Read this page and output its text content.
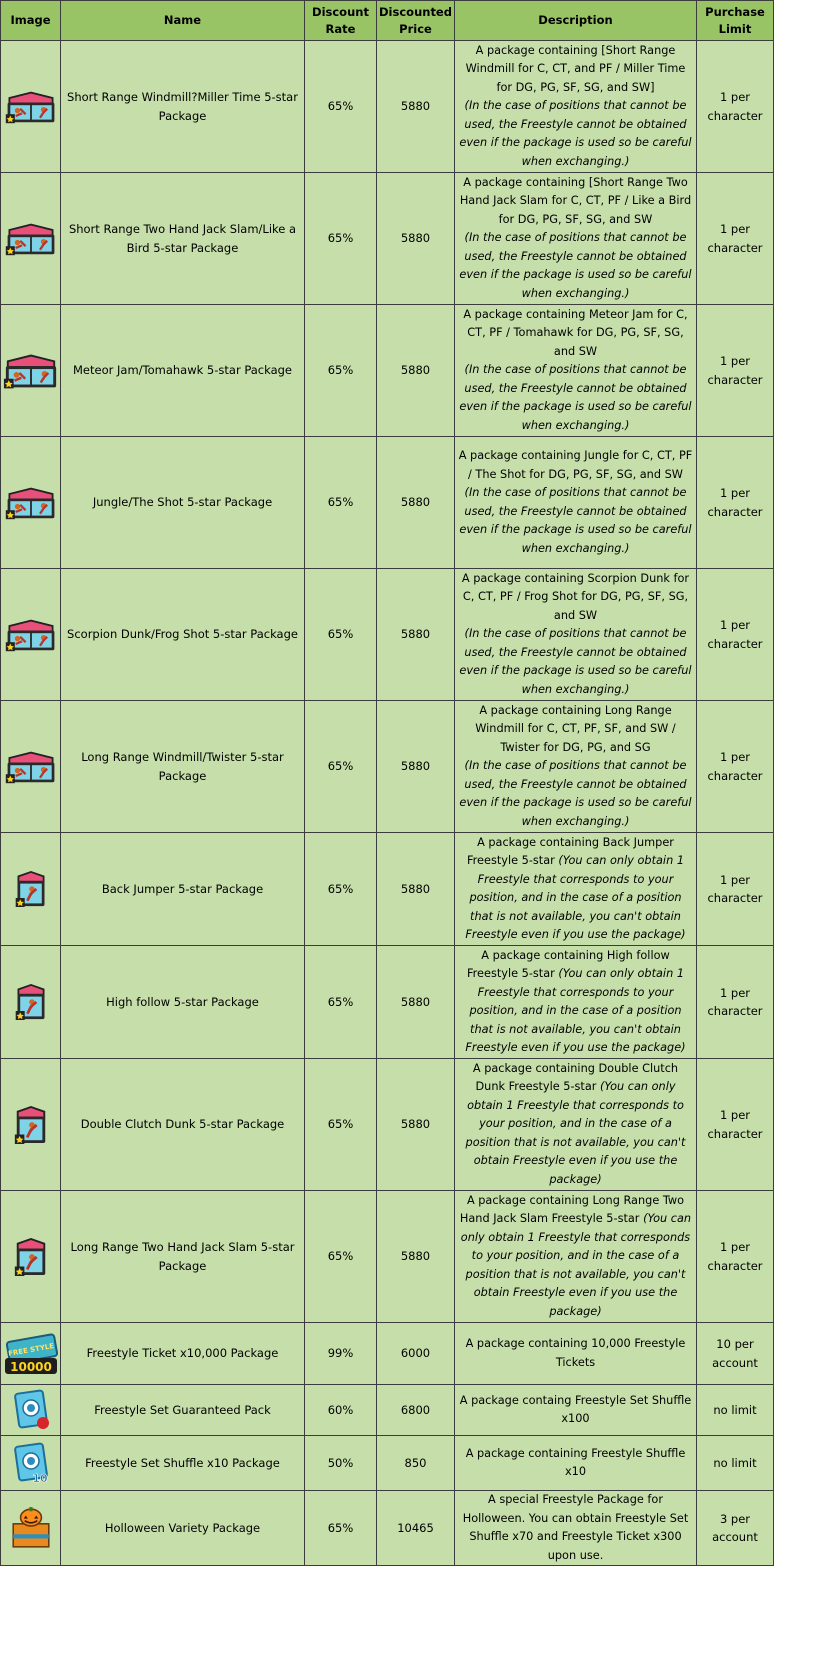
Image	Name	Discount Rate	Discounted Price	Description	Purchase Limit

	Short Range Windmill?Miller Time 5-star Package	65%	5880	A package containing [Short Range Windmill for C, CT, and PF / Miller Time for DG, PG, SF, SG, and SW]
(In the case of positions that cannot be used, the Freestyle cannot be obtained even if the package is used so be careful when exchanging.)	1 per character

	Short Range Two Hand Jack Slam/Like a Bird 5-star Package	65%	5880	A package containing [Short Range Two Hand Jack Slam for C, CT, PF / Like a Bird for DG, PG, SF, SG, and SW
(In the case of positions that cannot be used, the Freestyle cannot be obtained even if the package is used so be careful when exchanging.)	1 per character

	Meteor Jam/Tomahawk 5-star Package	65%	5880	A package containing Meteor Jam for C, CT, PF / Tomahawk for DG, PG, SF, SG, and SW
(In the case of positions that cannot be used, the Freestyle cannot be obtained even if the package is used so be careful when exchanging.)	1 per character

	Jungle/The Shot 5-star Package	65%	5880	A package containing Jungle for C, CT, PF / The Shot for DG, PG, SF, SG, and SW
(In the case of positions that cannot be used, the Freestyle cannot be obtained even if the package is used so be careful when exchanging.)	1 per character

	Scorpion Dunk/Frog Shot 5-star Package	65%	5880	A package containing Scorpion Dunk for C, CT, PF / Frog Shot for DG, PG, SF, SG, and SW
(In the case of positions that cannot be used, the Freestyle cannot be obtained even if the package is used so be careful when exchanging.)	1 per character

	Long Range Windmill/Twister 5-star Package	65%	5880	A package containing Long Range Windmill for C, CT, PF, SF, and SW / Twister for DG, PG, and SG
(In the case of positions that cannot be used, the Freestyle cannot be obtained even if the package is used so be careful when exchanging.)	1 per character

	Back Jumper 5-star Package	65%	5880	A package containing Back Jumper Freestyle 5-star (You can only obtain 1 Freestyle that corresponds to your position, and in the case of a position that is not available, you can't obtain Freestyle even if you use the package)	1 per character

	High follow 5-star Package	65%	5880	A package containing High follow Freestyle 5-star (You can only obtain 1 Freestyle that corresponds to your position, and in the case of a position that is not available, you can't obtain Freestyle even if you use the package)	1 per character

	Double Clutch Dunk 5-star Package	65%	5880	A package containing Double Clutch Dunk Freestyle 5-star (You can only obtain 1 Freestyle that corresponds to your position, and in the case of a position that is not available, you can't obtain Freestyle even if you use the package)	1 per character

	Long Range Two Hand Jack Slam 5-star Package	65%	5880	A package containing Long Range Two Hand Jack Slam Freestyle 5-star (You can only obtain 1 Freestyle that corresponds to your position, and in the case of a position that is not available, you can't obtain Freestyle even if you use the package)	1 per character

FREE STYLE
10000	Freestyle Ticket x10,000 Package	99%	6000	A package containing 10,000 Freestyle Tickets	10 per account

	Freestyle Set Guaranteed Pack	60%	6800	A package containg Freestyle Set Shuffle x100	no limit

10	Freestyle Set Shuffle x10 Package	50%	850	A package containing Freestyle Shuffle x10	no limit

	Holloween Variety Package	65%	10465	A special Freestyle Package for Holloween. You can obtain Freestyle Set Shuffle x70 and Freestyle Ticket x300 upon use.	3 per account
